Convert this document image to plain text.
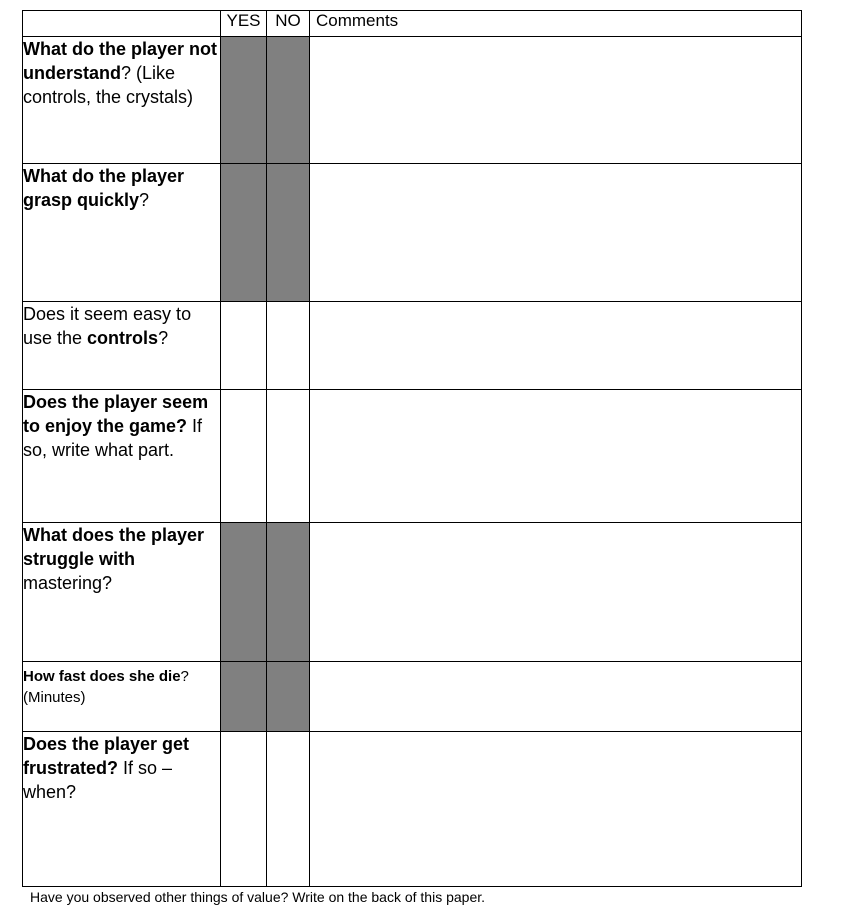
	YES	NO	Comments
What do the player not understand? (Like controls, the crystals)			
What do the player grasp quickly?			
Does it seem easy to use the controls?			
Does the player seem to enjoy the game? If so, write what part.			
What does the player struggle with mastering?			
How fast does she die? (Minutes)			
Does the player get frustrated? If so – when?			
Have you observed other things of value? Write on the back of this paper.
